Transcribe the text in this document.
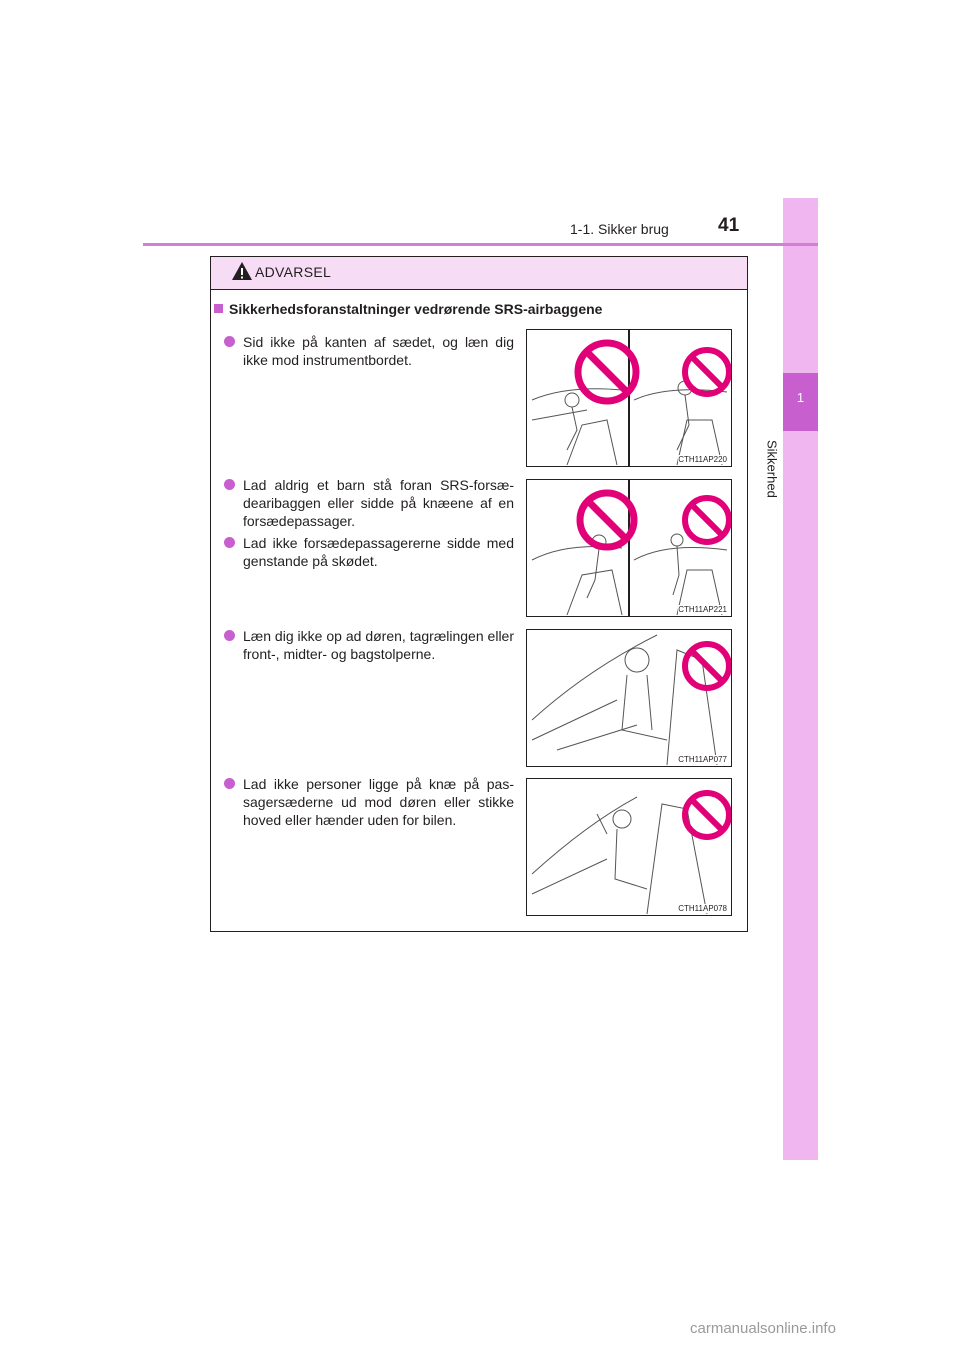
1
Sikkerhed
1-1. Sikker brug	41
ADVARSEL
Sikkerhedsforanstaltninger vedrørende SRS-airbaggene
Sid ikke på kanten af sædet, og læn dig ikke mod instrumentbordet.
Lad aldrig et barn stå foran SRS-forsæ-dearibaggen eller sidde på knæene af en forsædepassager.
Lad ikke forsædepassagererne sidde med genstande på skødet.
Læn dig ikke op ad døren, tagrælingen eller front-, midter- og bagstolperne.
Lad ikke personer ligge på knæ på pas-sagersæderne ud mod døren eller stikke hoved eller hænder uden for bilen.
CTH11AP220
CTH11AP221
CTH11AP077
CTH11AP078
carmanualsonline.info
